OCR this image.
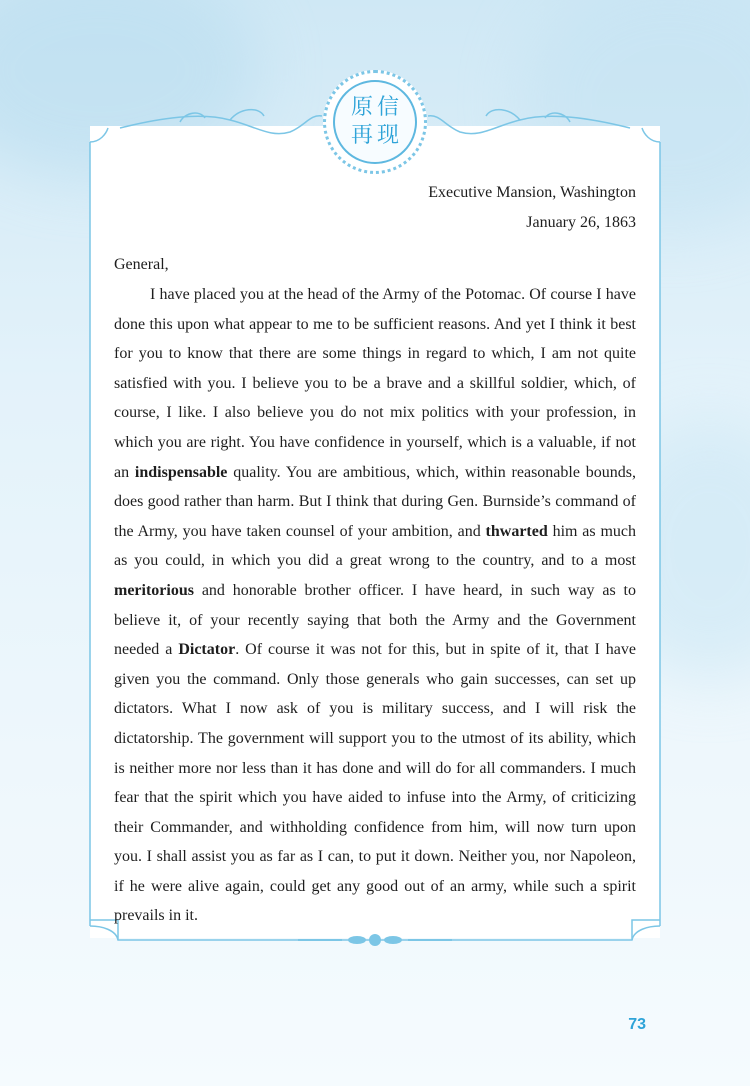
原信
再现
Executive Mansion, Washington
January 26, 1863
General,

I have placed you at the head of the Army of the Potomac. Of course I have done this upon what appear to me to be sufficient reasons. And yet I think it best for you to know that there are some things in regard to which, I am not quite satisfied with you. I believe you to be a brave and a skillful soldier, which, of course, I like. I also believe you do not mix politics with your profession, in which you are right. You have confidence in yourself, which is a valuable, if not an indispensable quality. You are ambitious, which, within reasonable bounds, does good rather than harm. But I think that during Gen. Burnside’s command of the Army, you have taken counsel of your ambition, and thwarted him as much as you could, in which you did a great wrong to the country, and to a most meritorious and honorable brother officer. I have heard, in such way as to believe it, of your recently saying that both the Army and the Government needed a Dictator. Of course it was not for this, but in spite of it, that I have given you the command. Only those generals who gain successes, can set up dictators. What I now ask of you is military success, and I will risk the dictatorship. The government will support you to the utmost of its ability, which is neither more nor less than it has done and will do for all commanders. I much fear that the spirit which you have aided to infuse into the Army, of criticizing their Commander, and withholding confidence from him, will now turn upon you. I shall assist you as far as I can, to put it down. Neither you, nor Napoleon, if he were alive again, could get any good out of an army, while such a spirit prevails in it.

73
